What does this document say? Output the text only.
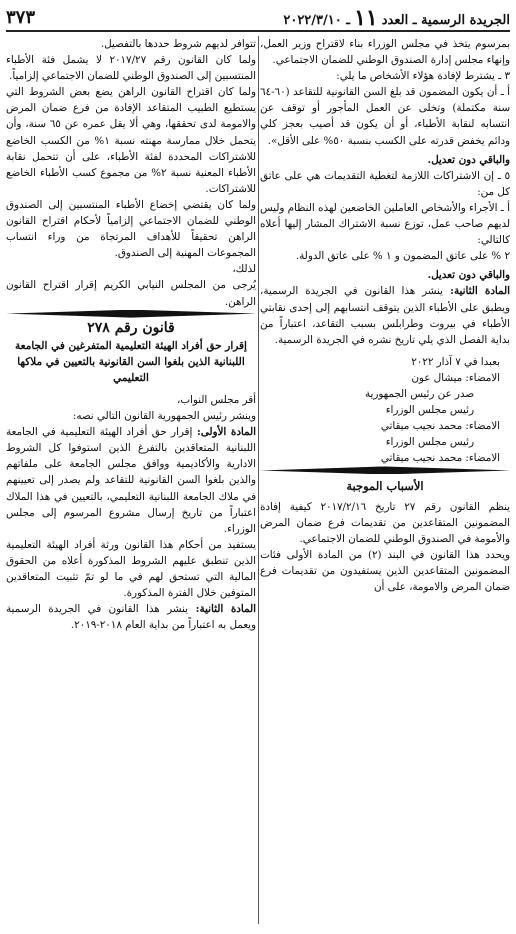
الجريدة الرسمية ـ العدد
١١
ـ ٢٠٢٢/٣/١٠
٣٧٣

بمرسوم يتخذ في مجلس الوزراء بناء لاقتراح وزير العمل، وإنهاء مجلس إدارة الصندوق الوطني للضمان الاجتماعي.

٣ ـ يشترط لإفادة هؤلاء الأشخاص ما يلي:

أ ـ أن يكون المضمون قد بلغ السن القانونية للتقاعد (٦٠-٦٤ سنة مكتملة) وتخلى عن العمل المأجور أو توقف عن انتسابه لنقابة الأطباء، أو أن يكون قد أصيب بعجز كلي ودائم يخفض قدرته على الكسب بنسبة ٥٠% على الأقل».

والباقي دون تعديل.

٥ ـ إن الاشتراكات اللازمة لتغطية التقديمات هي على عاتق كل من:

أ ـ الأجراء والأشخاص العاملين الخاضعين لهذه النظام وليس لديهم صاحب عمل، توزع نسبة الاشتراك المشار إليها أعلاه كالتالي:

٢ % على عاتق المضمون و ١ % على عاتق الدولة.

والباقي دون تعديل.

المادة الثانية: ينشر هذا القانون في الجريدة الرسمية، ويطبق على الأطباء الذين يتوقف انتسابهم إلى إحدى نقابتي الأطباء في بيروت وطرابلس بسبب التقاعد، اعتباراً من بداية الفصل الذي يلي تاريخ نشره في الجريدة الرسمية.

بعبدا في ٧ آذار ٢٠٢٢

الامضاء: ميشال عون

صدر عن رئيس الجمهورية

رئيس مجلس الوزراء

الامضاء: محمد نجيب ميقاتي

رئيس مجلس الوزراء

الامضاء: محمد نجيب ميقاتي

الأسباب الموجبة

ينظم القانون رقم ٢٧ تاريخ ٢٠١٧/٢/١٦ كيفية إفادة المضمونين المتقاعدين من تقديمات فرع ضمان المرض والأمومة في الصندوق الوطني للضمان الاجتماعي.

ويحدد هذا القانون في البند (٢) من المادة الأولى فئات المضمونين المتقاعدين الذين يستفيدون من تقديمات فرع ضمان المرض والامومة، على أن

تتوافر لديهم شروط حددها بالتفصيل.

ولما كان القانون رقم ٢٠١٧/٢٧ لا يشمل فئة الأطباء المنتسبين إلى الصندوق الوطني للضمان الاجتماعي إلزامياً.

ولما كان اقتراح القانون الراهن يضع بعض الشروط التي يستطيع الطبيب المتقاعد الإفادة من فرع ضمان المرض والامومة لدى تحققها، وهي ألا يقل عمره عن ٦٥ سنة، وأن يتحمل خلال ممارسة مهنته نسبة ١% من الكسب الخاضع للاشتراكات المحددة لفئة الأطباء، على أن تتحمل نقابة الأطباء المعنية نسبة ٢% من مجموع كسب الأطباء الخاضع للاشتراكات.

ولما كان يقتضي إخضاع الأطباء المنتسبين إلى الصندوق الوطني للضمان الاجتماعي إلزامياً لأحكام اقتراح القانون الراهن تحقيقاً للأهداف المرتجاة من وراء انتساب المجموعات المهنية إلى الصندوق.

لذلك،

يُرجى من المجلس النيابي الكريم إقرار اقتراح القانون الراهن.

قانون رقم ٢٧٨

إقرار حق أفراد الهيئة التعليمية المتفرغين في الجامعة اللبنانية الذين بلغوا السن القانونية بالتعيين في ملاكها التعليمي

أقر مجلس النواب،

وينشر رئيس الجمهورية القانون التالي نصه:

المادة الأولى: إقرار حق أفراد الهيئة التعليمية في الجامعة اللبنانية المتعاقدين بالتفرغ الذين استوفوا كل الشروط الادارية والأكاديمية ووافق مجلس الجامعة على ملفاتهم والذين بلغوا السن القانونية للتقاعد ولم يصدر إلى تعيينهم في ملاك الجامعة اللبنانية التعليمي، بالتعيين في هذا الملاك اعتباراً من تاريخ إرسال مشروع المرسوم إلى مجلس الوزراء.

يستفيد من أحكام هذا القانون ورثة أفراد الهيئة التعليمية الذين تنطبق عليهم الشروط المذكورة أعلاه من الحقوق المالية التي تستحق لهم في ما لو تمّ تثبيت المتعاقدين المتوفين خلال الفترة المذكورة.

المادة الثانية: ينشر هذا القانون في الجريدة الرسمية ويعمل به اعتباراً من بداية العام ٢٠١٨-٢٠١٩.
